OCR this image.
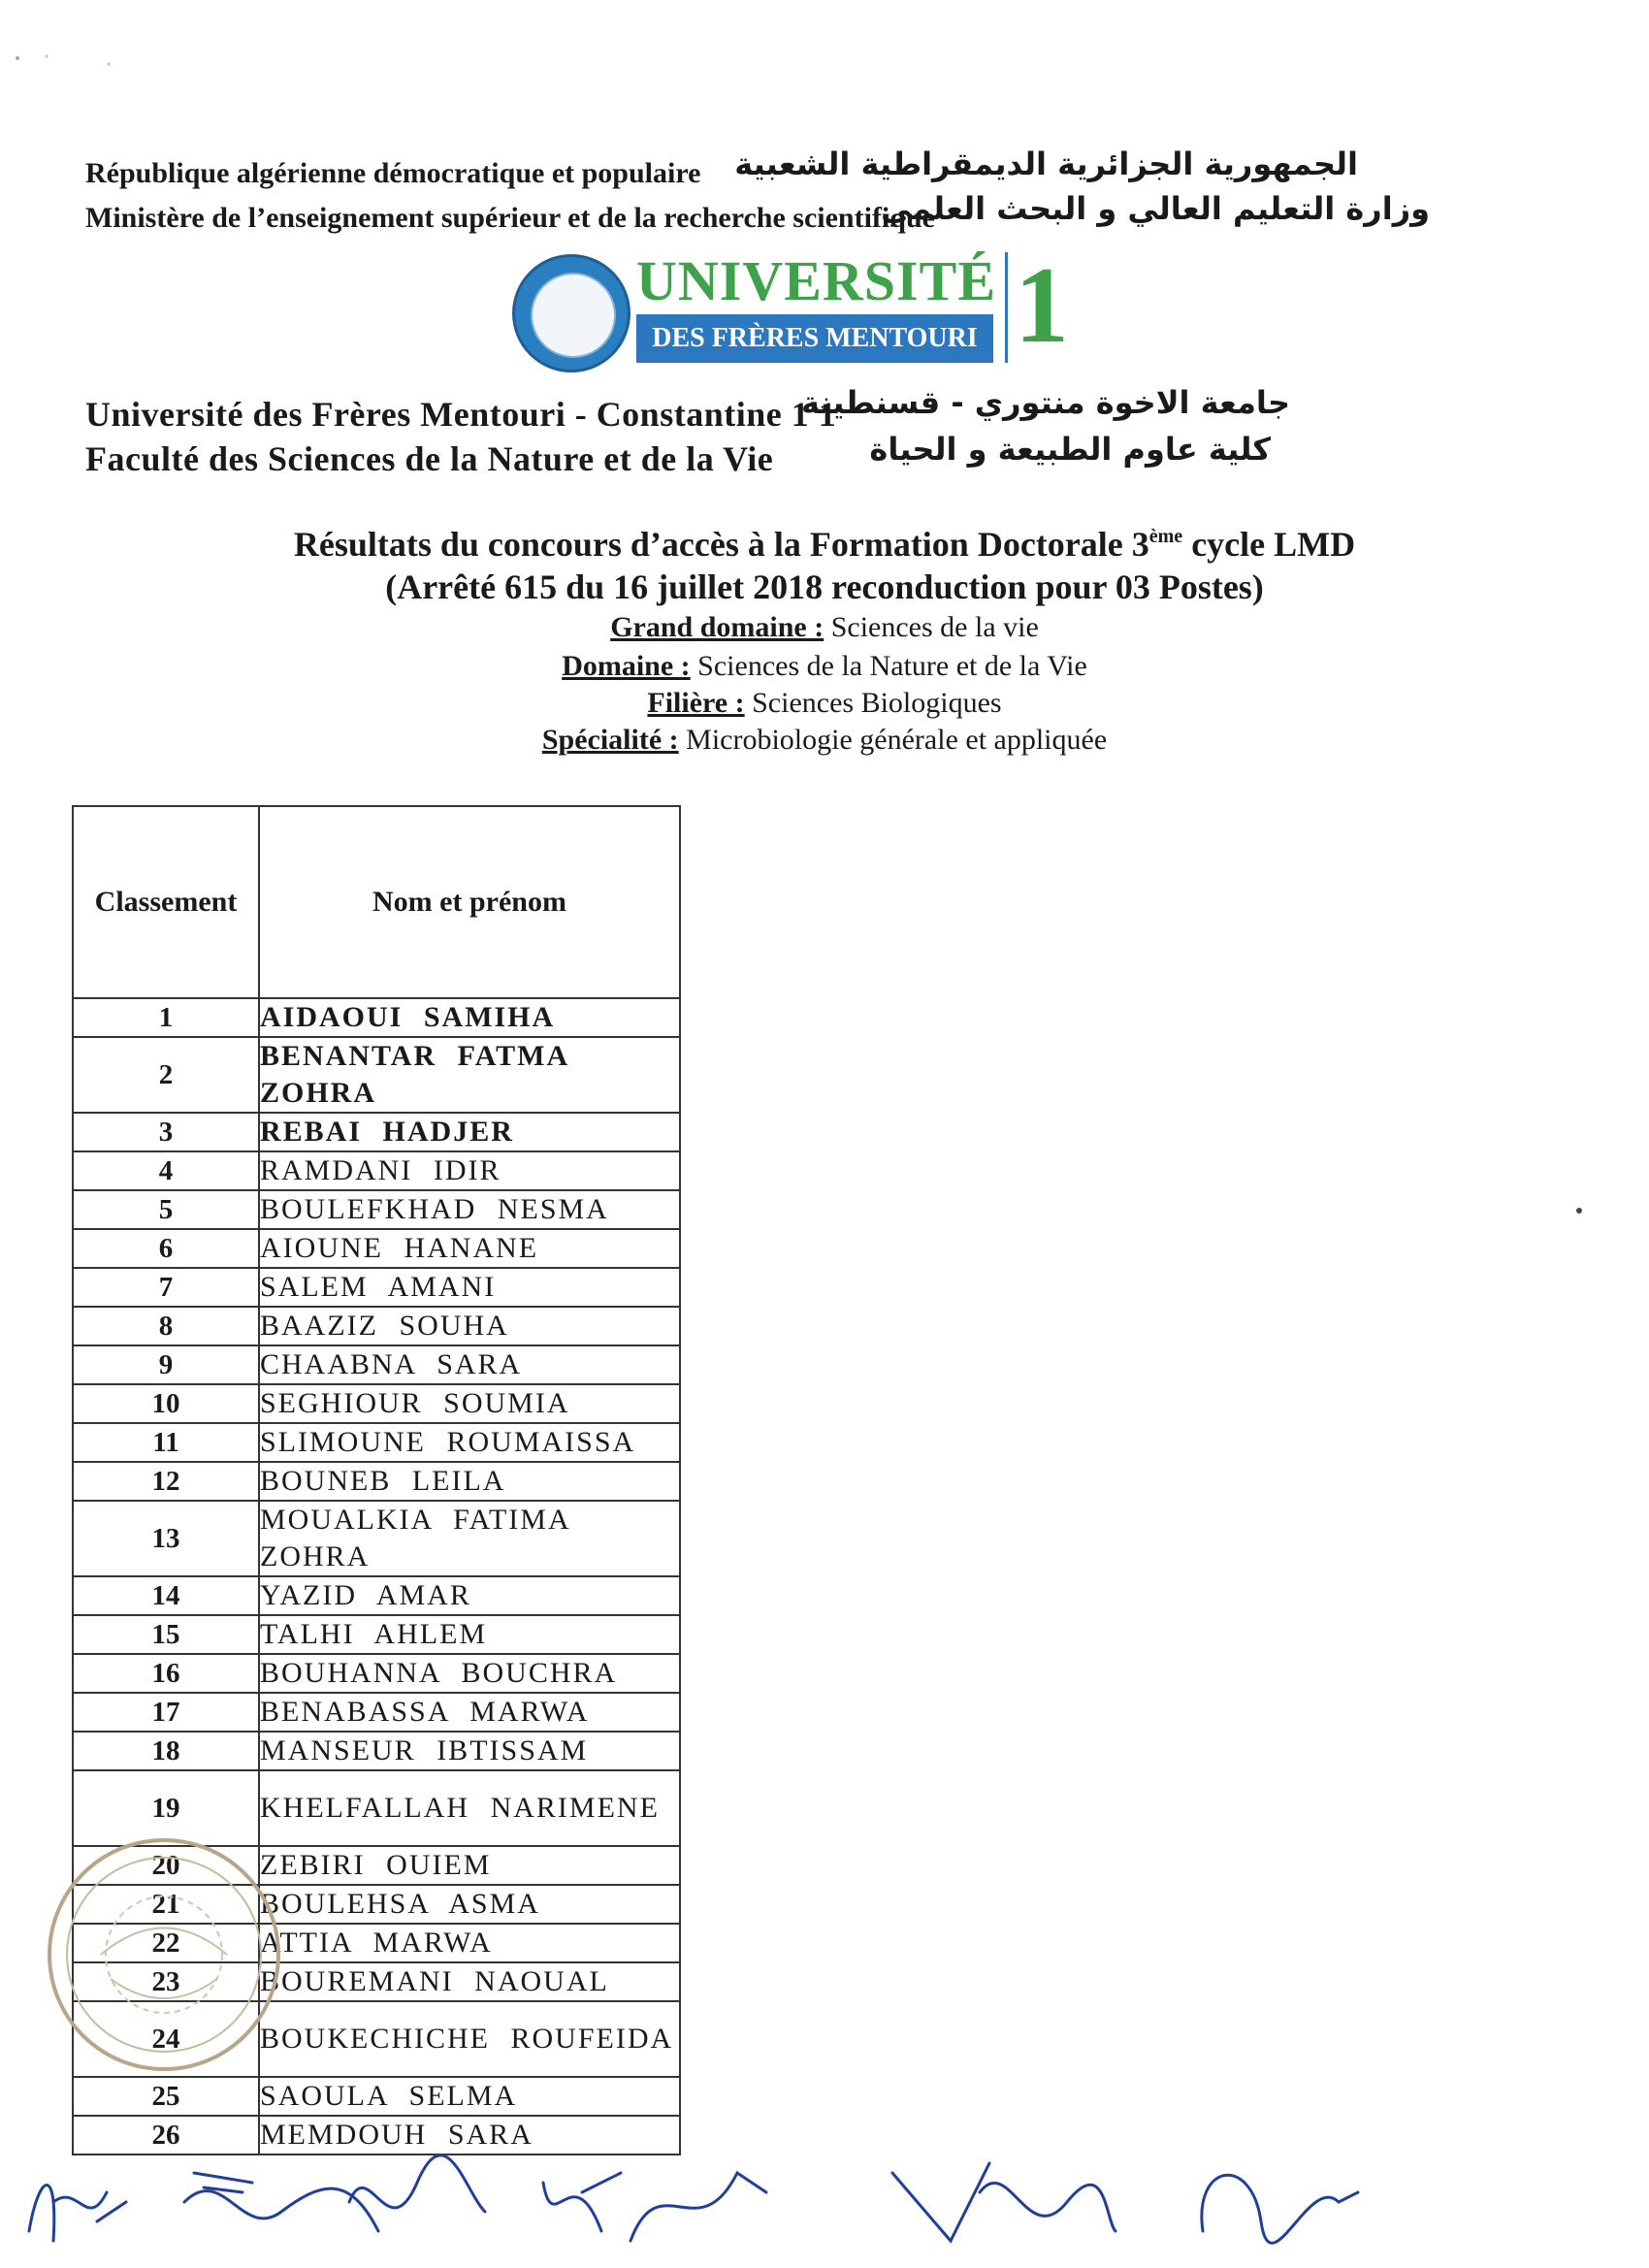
République algérienne démocratique et populaire
Ministère de l’enseignement supérieur et de la recherche scientifique
الجمهورية الجزائرية الديمقراطية الشعبية
وزارة التعليم العالي و البحث العلمي
UNIVERSITÉ
DES FRÈRES MENTOURI 1
Université des Frères Mentouri - Constantine 1 1
Faculté des Sciences de la Nature et de la Vie
جامعة الاخوة منتوري - قسنطينة
كلية عاوم الطبيعة و الحياة
Résultats du concours d’accès à la Formation Doctorale 3ème cycle LMD
(Arrêté 615 du 16 juillet 2018 reconduction pour 03 Postes)
Grand domaine : Sciences de la vie
Domaine : Sciences de la Nature et de la Vie
Filière : Sciences Biologiques
Spécialité : Microbiologie générale et appliquée
Classement	Nom et prénom
1	AIDAOUI SAMIHA
2	BENANTAR FATMA ZOHRA
3	REBAI HADJER
4	RAMDANI IDIR
5	BOULEFKHAD NESMA
6	AIOUNE HANANE
7	SALEM AMANI
8	BAAZIZ SOUHA
9	CHAABNA SARA
10	SEGHIOUR SOUMIA
11	SLIMOUNE ROUMAISSA
12	BOUNEB LEILA
13	MOUALKIA FATIMA ZOHRA
14	YAZID AMAR
15	TALHI AHLEM
16	BOUHANNA BOUCHRA
17	BENABASSA MARWA
18	MANSEUR IBTISSAM
19	KHELFALLAH NARIMENE
20	ZEBIRI OUIEM
21	BOULEHSA ASMA
22	ATTIA MARWA
23	BOUREMANI NAOUAL
24	BOUKECHICHE ROUFEIDA
25	SAOULA SELMA
26	MEMDOUH SARA
